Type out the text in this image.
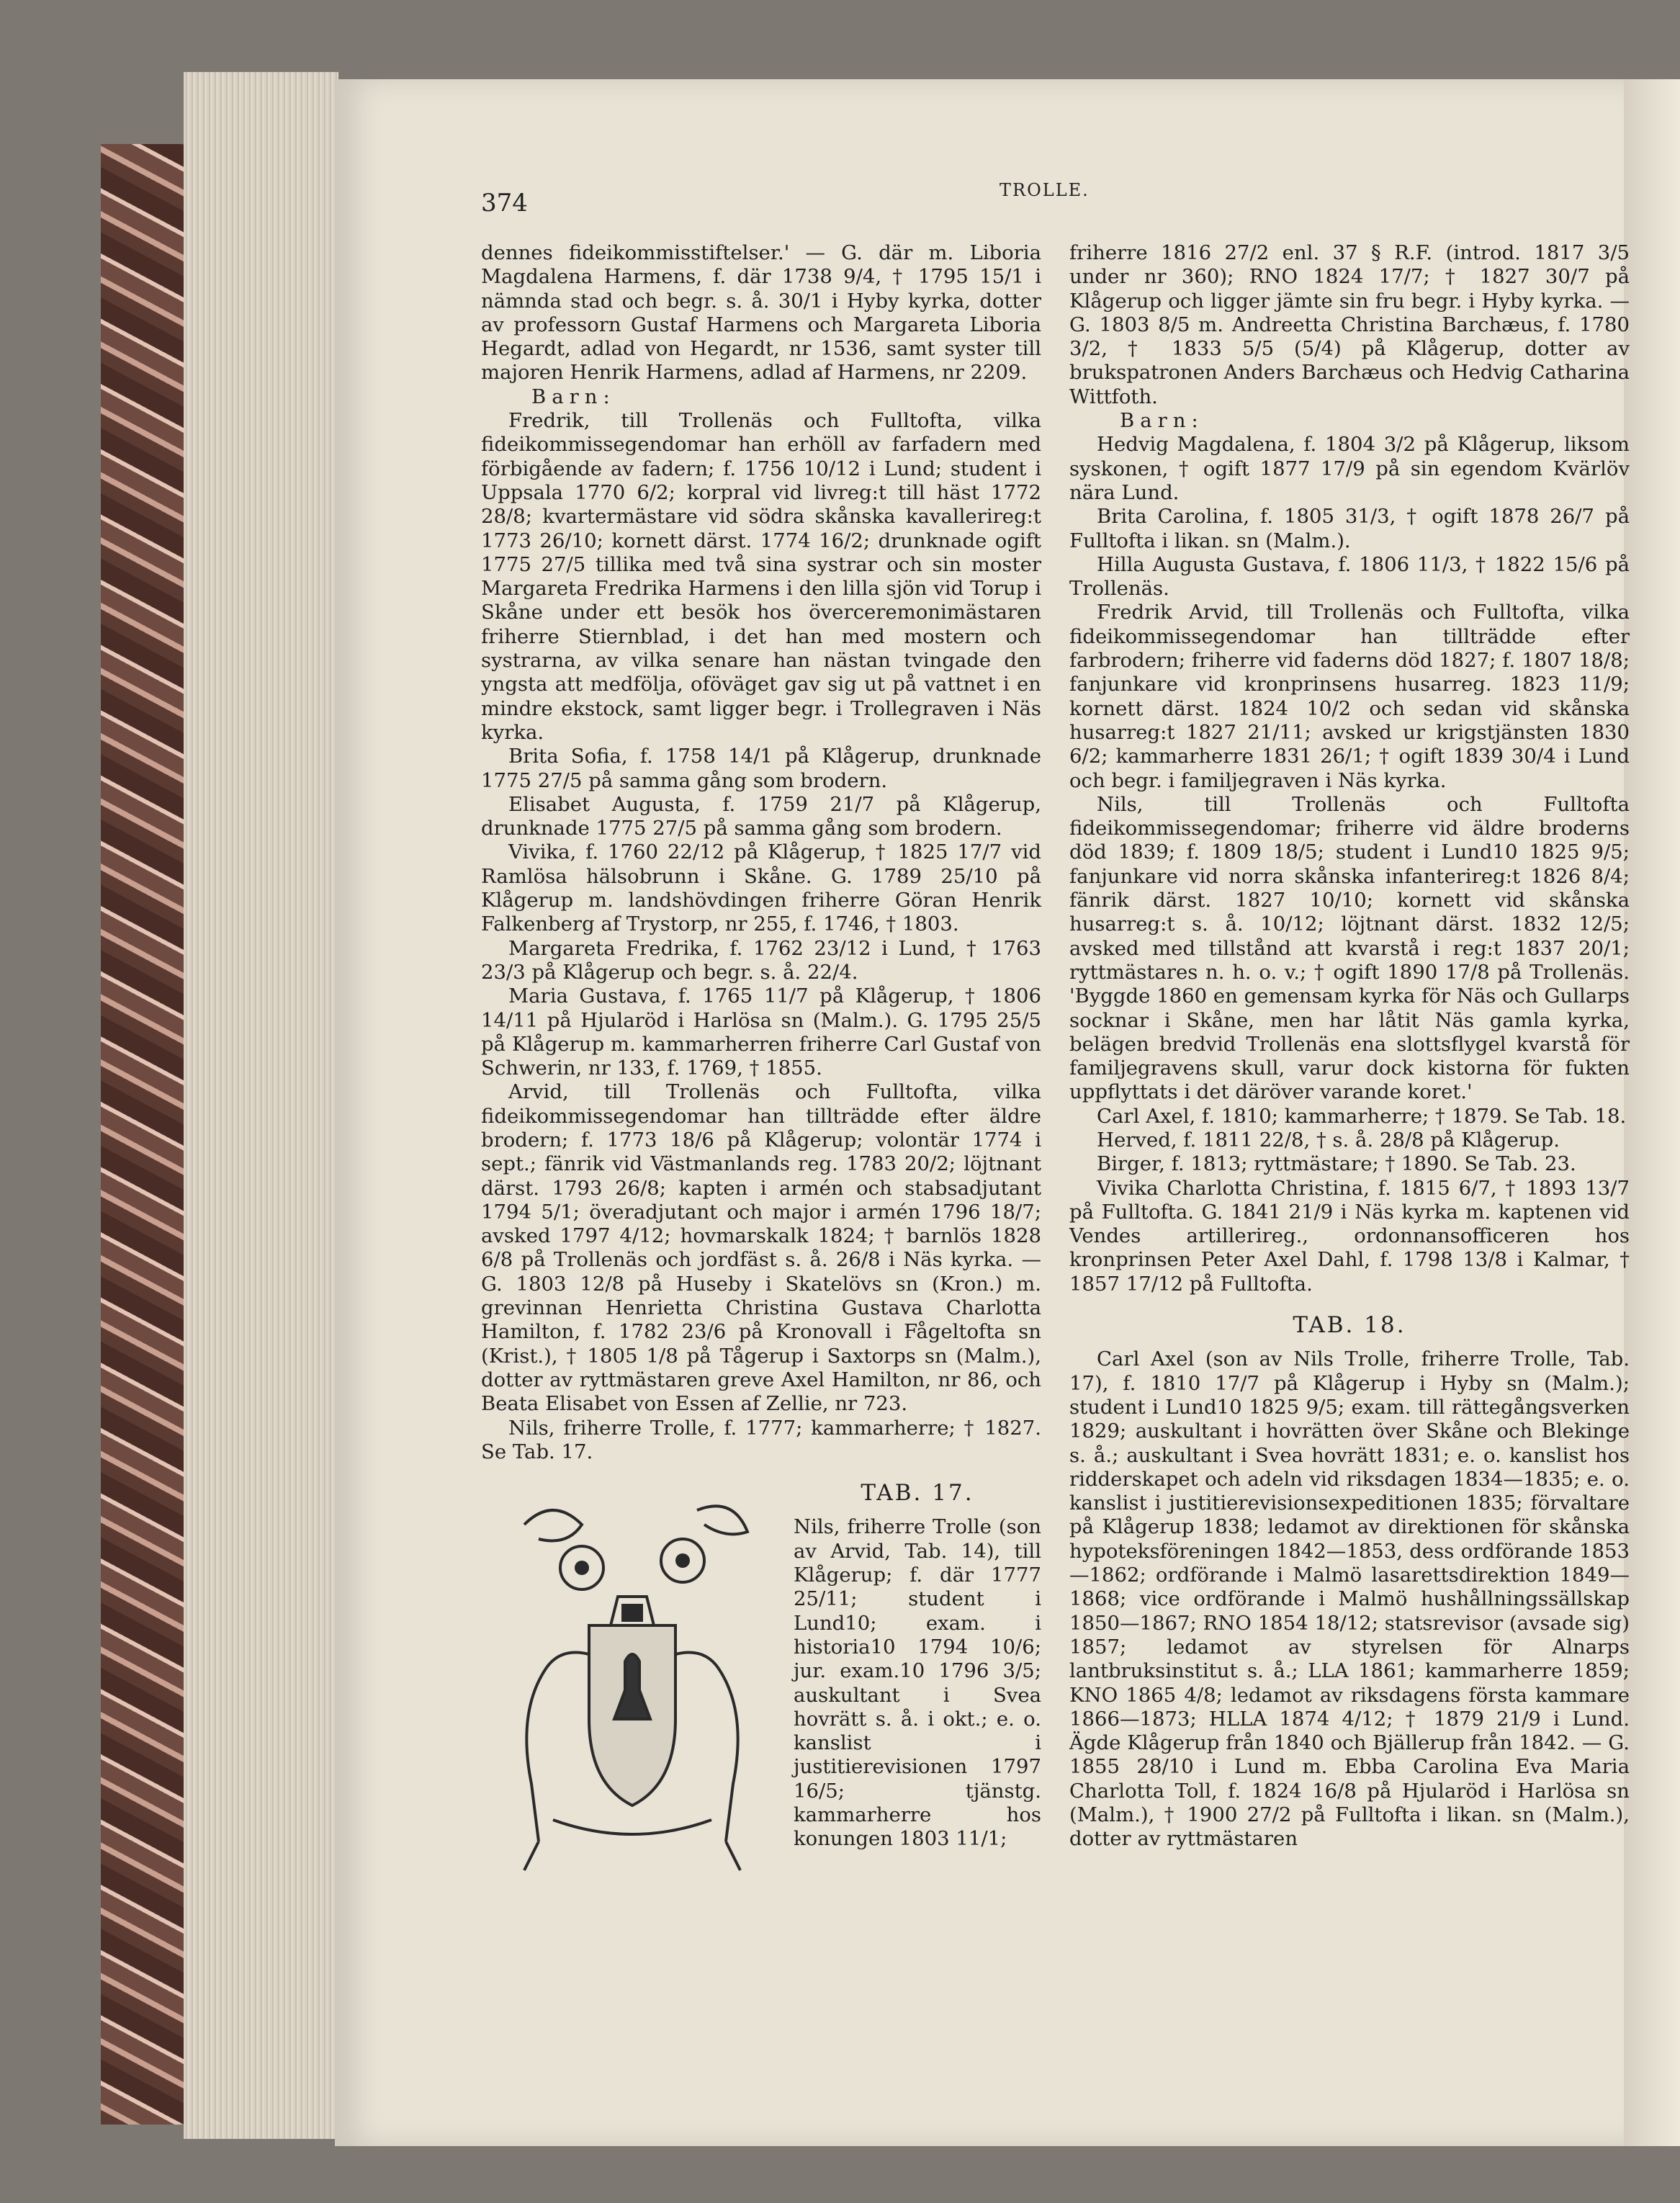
374	TROLLE.

dennes fideikommisstiftelser.' — G. där m. Liboria Magdalena Harmens, f. där 1738 9/4, † 1795 15/1 i nämnda stad och begr. s. å. 30/1 i Hyby kyrka, dotter av professorn Gustaf Harmens och Margareta Liboria Hegardt, adlad von Hegardt, nr 1536, samt syster till majoren Henrik Harmens, adlad af Harmens, nr 2209.

Barn:

Fredrik, till Trollenäs och Fulltofta, vilka fideikommissegendomar han erhöll av farfadern med förbigående av fadern; f. 1756 10/12 i Lund; student i Uppsala 1770 6/2; korpral vid livreg:t till häst 1772 28/8; kvartermästare vid södra skånska kavallerireg:t 1773 26/10; kornett därst. 1774 16/2; drunknade ogift 1775 27/5 tillika med två sina systrar och sin moster Margareta Fredrika Harmens i den lilla sjön vid Torup i Skåne under ett besök hos överceremonimästaren friherre Stiernblad, i det han med mostern och systrarna, av vilka senare han nästan tvingade den yngsta att medfölja, oföväget gav sig ut på vattnet i en mindre ekstock, samt ligger begr. i Trollegraven i Näs kyrka.

Brita Sofia, f. 1758 14/1 på Klågerup, drunknade 1775 27/5 på samma gång som brodern.

Elisabet Augusta, f. 1759 21/7 på Klågerup, drunknade 1775 27/5 på samma gång som brodern.

Vivika, f. 1760 22/12 på Klågerup, † 1825 17/7 vid Ramlösa hälsobrunn i Skåne. G. 1789 25/10 på Klågerup m. landshövdingen friherre Göran Henrik Falkenberg af Trystorp, nr 255, f. 1746, † 1803.

Margareta Fredrika, f. 1762 23/12 i Lund, † 1763 23/3 på Klågerup och begr. s. å. 22/4.

Maria Gustava, f. 1765 11/7 på Klågerup, † 1806 14/11 på Hjularöd i Harlösa sn (Malm.). G. 1795 25/5 på Klågerup m. kammarherren friherre Carl Gustaf von Schwerin, nr 133, f. 1769, † 1855.

Arvid, till Trollenäs och Fulltofta, vilka fideikommissegendomar han tillträdde efter äldre brodern; f. 1773 18/6 på Klågerup; volontär 1774 i sept.; fänrik vid Västmanlands reg. 1783 20/2; löjtnant därst. 1793 26/8; kapten i armén och stabsadjutant 1794 5/1; överadjutant och major i armén 1796 18/7; avsked 1797 4/12; hovmarskalk 1824; † barnlös 1828 6/8 på Trollenäs och jordfäst s. å. 26/8 i Näs kyrka. — G. 1803 12/8 på Huseby i Skatelövs sn (Kron.) m. grevinnan Henrietta Christina Gustava Charlotta Hamilton, f. 1782 23/6 på Kronovall i Fågeltofta sn (Krist.), † 1805 1/8 på Tågerup i Saxtorps sn (Malm.), dotter av ryttmästaren greve Axel Hamilton, nr 86, och Beata Elisabet von Essen af Zellie, nr 723.

Nils, friherre Trolle, f. 1777; kammarherre; † 1827. Se Tab. 17.

TAB. 17.

Nils, friherre Trolle (son av Arvid, Tab. 14), till Klågerup; f. där 1777 25/11; student i Lund10; exam. i historia10 1794 10/6; jur. exam.10 1796 3/5; auskultant i Svea hovrätt s. å. i okt.; e. o. kanslist i justitierevisionen 1797 16/5; tjänstg. kammarherre hos konungen 1803 11/1;

friherre 1816 27/2 enl. 37 § R.F. (introd. 1817 3/5 under nr 360); RNO 1824 17/7; † 1827 30/7 på Klågerup och ligger jämte sin fru begr. i Hyby kyrka. — G. 1803 8/5 m. Andreetta Christina Barchæus, f. 1780 3/2, † 1833 5/5 (5/4) på Klågerup, dotter av brukspatronen Anders Barchæus och Hedvig Catharina Wittfoth.

Barn:

Hedvig Magdalena, f. 1804 3/2 på Klågerup, liksom syskonen, † ogift 1877 17/9 på sin egendom Kvärlöv nära Lund.

Brita Carolina, f. 1805 31/3, † ogift 1878 26/7 på Fulltofta i likan. sn (Malm.).

Hilla Augusta Gustava, f. 1806 11/3, † 1822 15/6 på Trollenäs.

Fredrik Arvid, till Trollenäs och Fulltofta, vilka fideikommissegendomar han tillträdde efter farbrodern; friherre vid faderns död 1827; f. 1807 18/8; fanjunkare vid kronprinsens husarreg. 1823 11/9; kornett därst. 1824 10/2 och sedan vid skånska husarreg:t 1827 21/11; avsked ur krigstjänsten 1830 6/2; kammarherre 1831 26/1; † ogift 1839 30/4 i Lund och begr. i familjegraven i Näs kyrka.

Nils, till Trollenäs och Fulltofta fideikommissegendomar; friherre vid äldre broderns död 1839; f. 1809 18/5; student i Lund10 1825 9/5; fanjunkare vid norra skånska infanterireg:t 1826 8/4; fänrik därst. 1827 10/10; kornett vid skånska husarreg:t s. å. 10/12; löjtnant därst. 1832 12/5; avsked med tillstånd att kvarstå i reg:t 1837 20/1; ryttmästares n. h. o. v.; † ogift 1890 17/8 på Trollenäs. 'Byggde 1860 en gemensam kyrka för Näs och Gullarps socknar i Skåne, men har låtit Näs gamla kyrka, belägen bredvid Trollenäs ena slottsflygel kvarstå för familjegravens skull, varur dock kistorna för fukten uppflyttats i det däröver varande koret.'

Carl Axel, f. 1810; kammarherre; † 1879. Se Tab. 18.

Herved, f. 1811 22/8, † s. å. 28/8 på Klågerup.

Birger, f. 1813; ryttmästare; † 1890. Se Tab. 23.

Vivika Charlotta Christina, f. 1815 6/7, † 1893 13/7 på Fulltofta. G. 1841 21/9 i Näs kyrka m. kaptenen vid Vendes artillerireg., ordonnansofficeren hos kronprinsen Peter Axel Dahl, f. 1798 13/8 i Kalmar, † 1857 17/12 på Fulltofta.

TAB. 18.

Carl Axel (son av Nils Trolle, friherre Trolle, Tab. 17), f. 1810 17/7 på Klågerup i Hyby sn (Malm.); student i Lund10 1825 9/5; exam. till rättegångsverken 1829; auskultant i hovrätten över Skåne och Blekinge s. å.; auskultant i Svea hovrätt 1831; e. o. kanslist hos ridderskapet och adeln vid riksdagen 1834—1835; e. o. kanslist i justitierevisionsexpeditionen 1835; förvaltare på Klågerup 1838; ledamot av direktionen för skånska hypoteksföreningen 1842—1853, dess ordförande 1853—1862; ordförande i Malmö lasarettsdirektion 1849—1868; vice ordförande i Malmö hushållningssällskap 1850—1867; RNO 1854 18/12; statsrevisor (avsade sig) 1857; ledamot av styrelsen för Alnarps lantbruksinstitut s. å.; LLA 1861; kammarherre 1859; KNO 1865 4/8; ledamot av riksdagens första kammare 1866—1873; HLLA 1874 4/12; † 1879 21/9 i Lund. Ägde Klågerup från 1840 och Bjällerup från 1842. — G. 1855 28/10 i Lund m. Ebba Carolina Eva Maria Charlotta Toll, f. 1824 16/8 på Hjularöd i Harlösa sn (Malm.), † 1900 27/2 på Fulltofta i likan. sn (Malm.), dotter av ryttmästaren
